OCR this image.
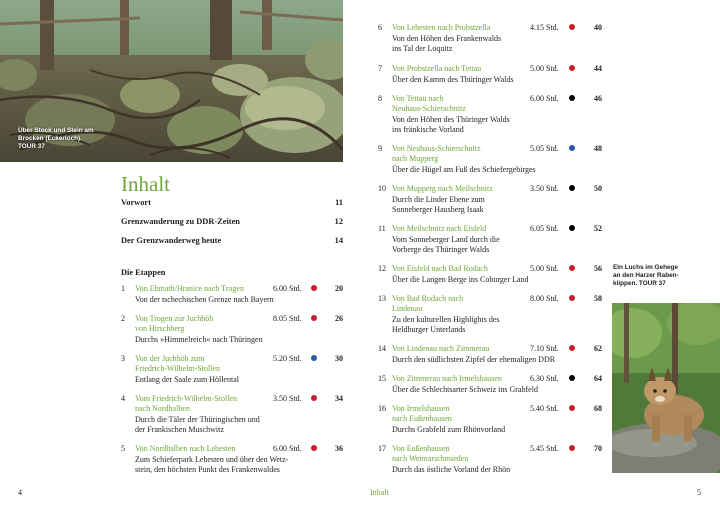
Über Stock und Stein am
Brocken (Eckerloch).
TOUR 37
Inhalt
Vorwort	11
Grenzwanderung zu DDR-Zeiten	12
Der Grenzwanderweg heute	14
Die Etappen
1 Von Ebmath/Hranice nach Trogen
Von der tschechischen Grenze nach Bayern
6.00 Std.	20
2 Von Trogen zur Juchhöh
von Hirschberg
Durchs »Himmelreich« nach Thüringen
8.05 Std.	26
3 Von der Juchhöh zum
Friedrich-Wilhelm-Stollen
Entlang der Saale zum Höllental
5.20 Std.	30
4 Vom Friedrich-Wilhelm-Stollen
nach Nordhalben
Durch die Täler der Thüringischen und
der Frankischen Muschwitz
3.50 Std.	34
5 Von Nordhalben nach Lehesten
Zum Schieferpark Lehesten und über den Wetz-
stein, den höchsten Punkt des Frankenwaldes
6.00 Std.	36
6 Von Lehesten nach Probstzella
Von den Höhen des Frankenwalds
ins Tal der Loquitz
4.15 Std.	40
7 Von Probstzella nach Tettau
Über den Kamm des Thüringer Walds
5.00 Std.	44
8 Von Tettau nach
Neuhaus-Schierschnitz
Von den Höhen des Thüringer Walds
ins fränkische Vorland
6.00 Std.	46
9 Von Neuhaus-Schierschnitz
nach Mupperg
Über die Hügel am Fuß des Schiefergebirges
5.05 Std.	48
10 Von Mupperg nach Meilschnitz
Durch die Linder Ebene zum
Sonneberger Hausberg Isaak
3.50 Std.	50
11 Von Meilschnitz nach Eisfeld
Vom Sonneberger Land durch die
Vorberge des Thüringer Walds
6.05 Std.	52
12 Von Eisfeld nach Bad Rodach
Über die Langen Berge ins Coburger Land
5.00 Std.	56
13 Von Bad Rodach nach
Lindenau
Zu den kulturellen Highlights des
Heldburger Unterlands
8.00 Std.	58
14 Von Lindenau nach Zimmerau
Durch den südlichsten Zipfel der ehemaligen DDR
7.10 Std.	62
15 Von Zimmerau nach Irmelshausen
Über die Schlechtsarter Schweiz ins Grabfeld
6.30 Std.	64
16 Von Irmelshausen
nach Eußenhausen
Durchs Grabfeld zum Rhönvorland
5.40 Std.	68
17 Von Eußenhausen
nach Weimarschmieden
Durch das östliche Vorland der Rhön
5.45 Std.	70
4	Inhalt	5
Ein Luchs im Gehege
an den Harzer Raben-
klippen. TOUR 37
